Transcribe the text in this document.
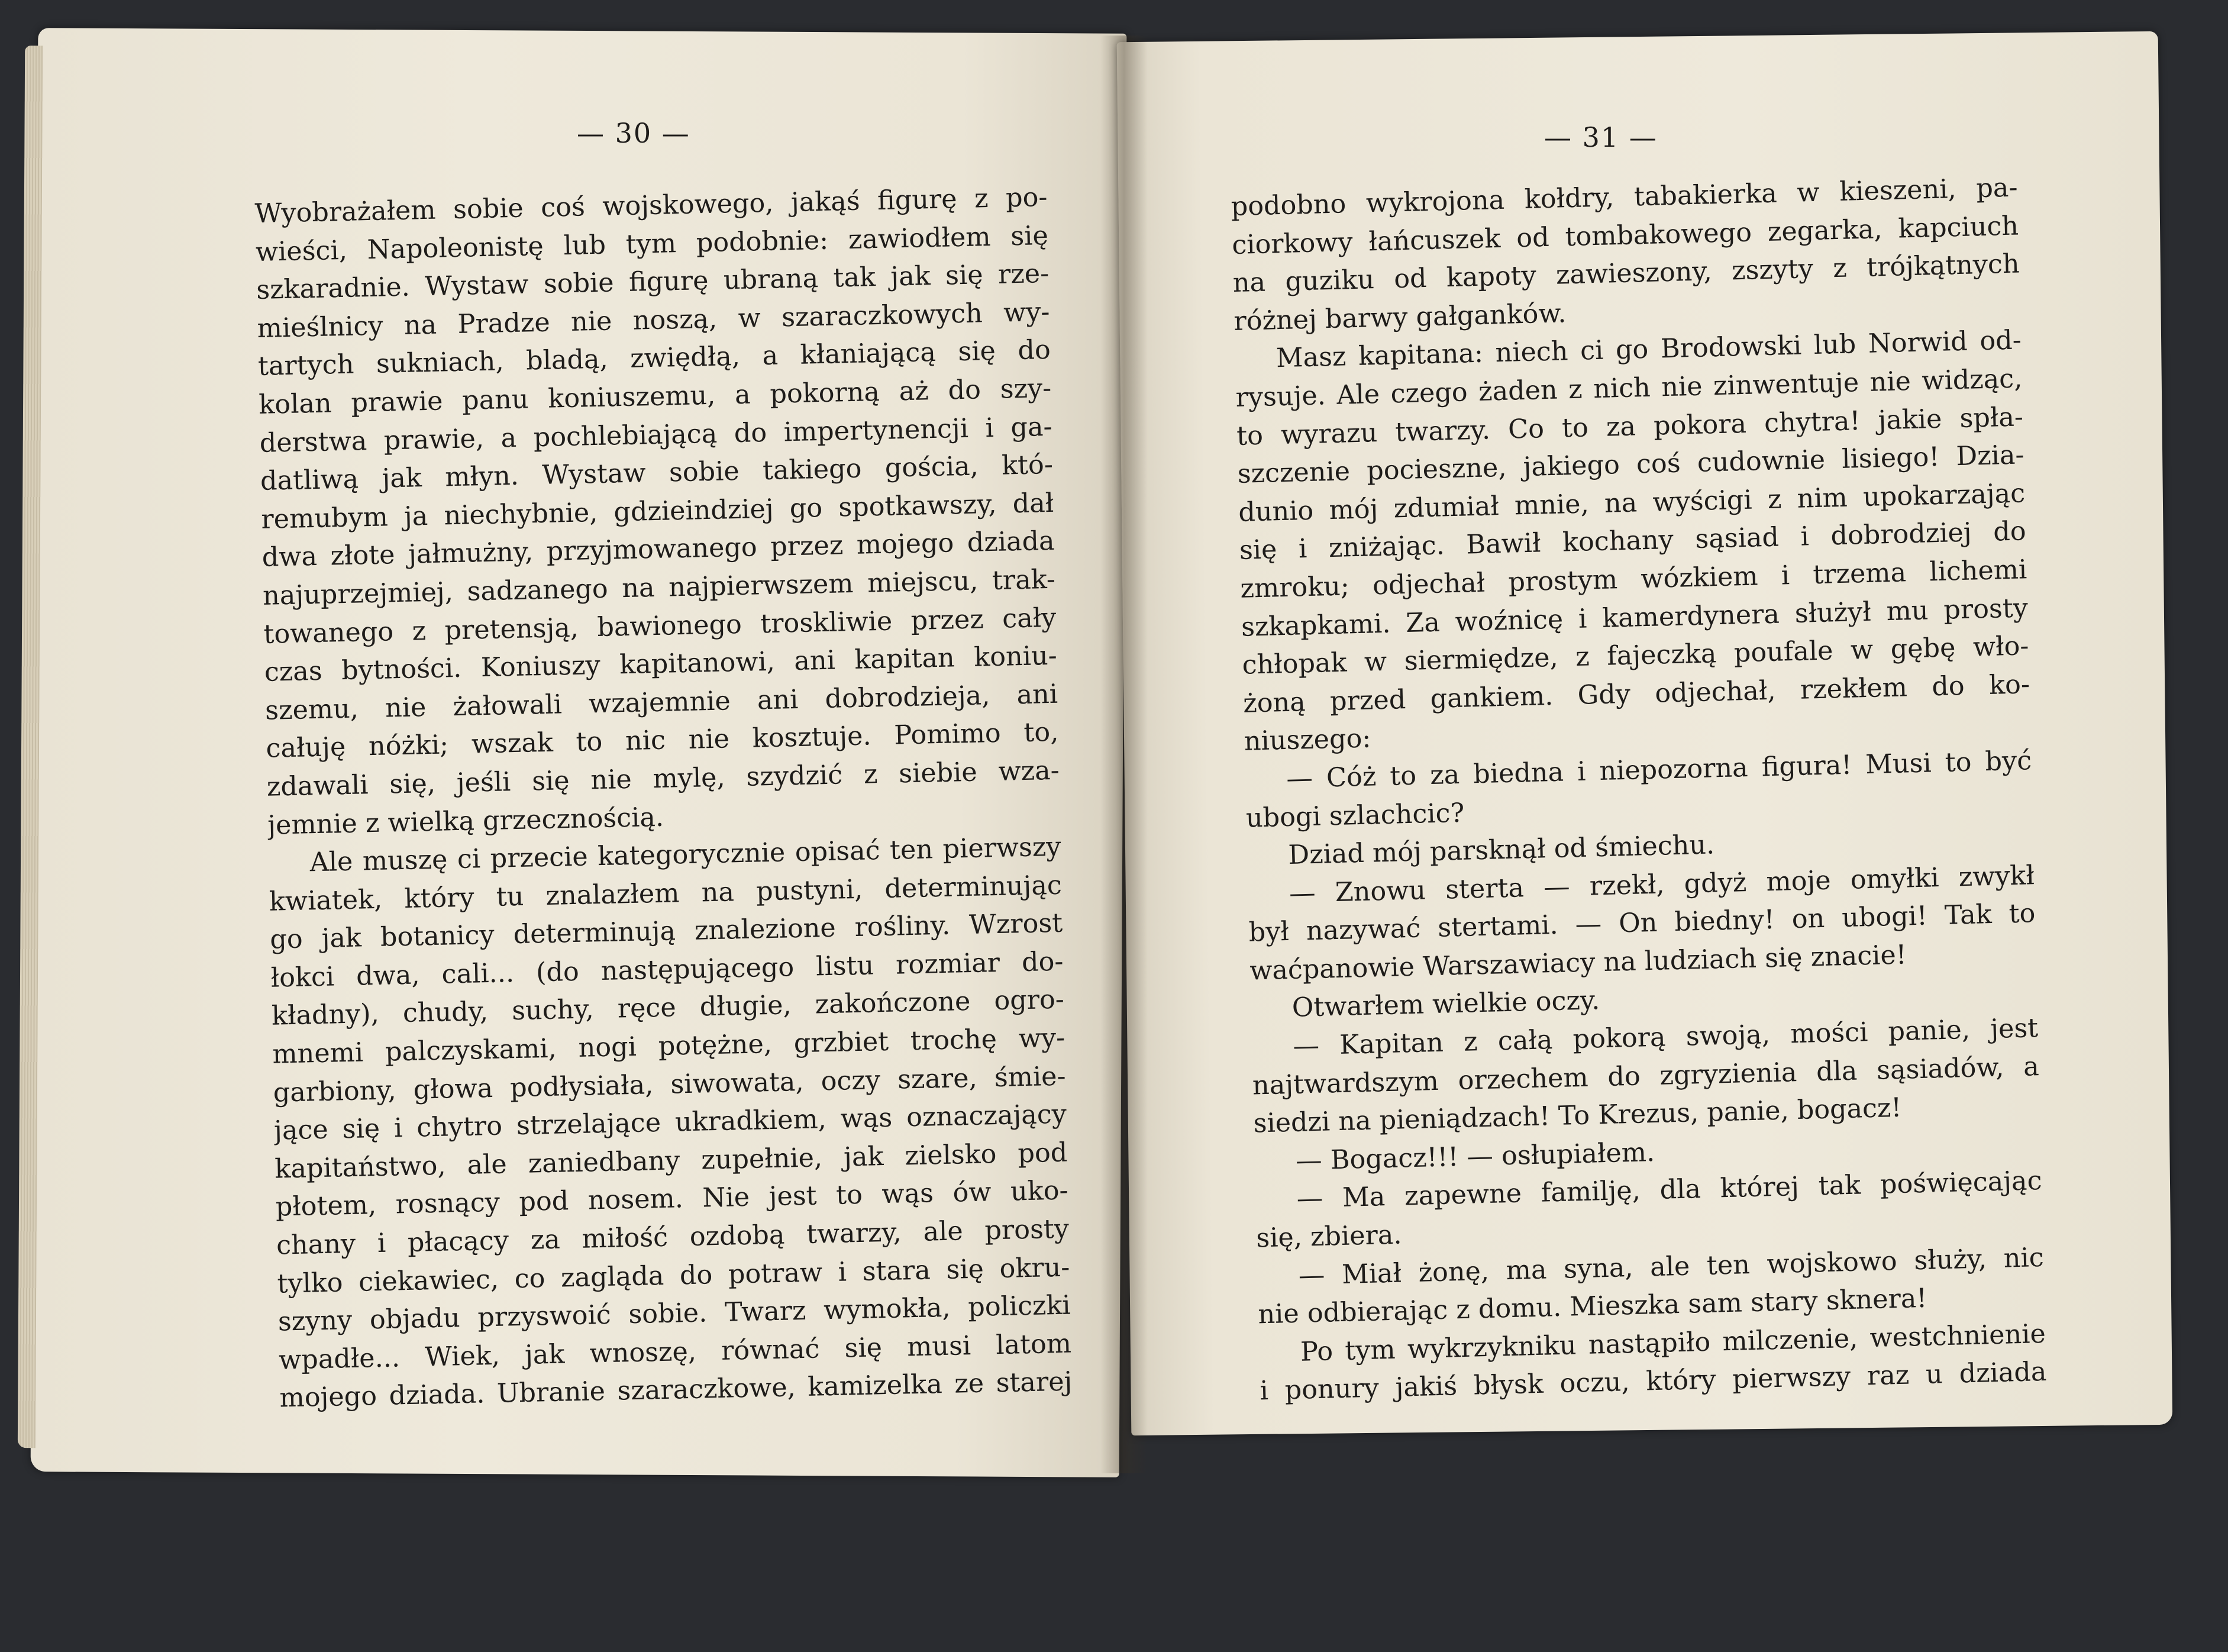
— 30 —	— 31 —
Wyobrażałem sobie coś wojskowego, jakąś figurę z po-
wieści, Napoleonistę lub tym podobnie: zawiodłem się
szkaradnie. Wystaw sobie figurę ubraną tak jak się rze-
mieślnicy na Pradze nie noszą, w szaraczkowych wy-
tartych sukniach, bladą, zwiędłą, a kłaniającą się do
kolan prawie panu koniuszemu, a pokorną aż do szy-
derstwa prawie, a pochlebiającą do impertynencji i ga-
datliwą jak młyn. Wystaw sobie takiego gościa, któ-
remubym ja niechybnie, gdzieindziej go spotkawszy, dał
dwa złote jałmużny, przyjmowanego przez mojego dziada
najuprzejmiej, sadzanego na najpierwszem miejscu, trak-
towanego z pretensją, bawionego troskliwie przez cały
czas bytności. Koniuszy kapitanowi, ani kapitan koniu-
szemu, nie żałowali wzajemnie ani dobrodzieja, ani
całuję nóżki; wszak to nic nie kosztuje. Pomimo to,
zdawali się, jeśli się nie mylę, szydzić z siebie wza-
jemnie z wielką grzecznością.
Ale muszę ci przecie kategorycznie opisać ten pierwszy
kwiatek, który tu znalazłem na pustyni, determinując
go jak botanicy determinują znalezione rośliny. Wzrost
łokci dwa, cali... (do następującego listu rozmiar do-
kładny), chudy, suchy, ręce długie, zakończone ogro-
mnemi palczyskami, nogi potężne, grzbiet trochę wy-
garbiony, głowa podłysiała, siwowata, oczy szare, śmie-
jące się i chytro strzelające ukradkiem, wąs oznaczający
kapitaństwo, ale zaniedbany zupełnie, jak zielsko pod
płotem, rosnący pod nosem. Nie jest to wąs ów uko-
chany i płacący za miłość ozdobą twarzy, ale prosty
tylko ciekawiec, co zagląda do potraw i stara się okru-
szyny objadu przyswoić sobie. Twarz wymokła, policzki
wpadłe... Wiek, jak wnoszę, równać się musi latom
mojego dziada. Ubranie szaraczkowe, kamizelka ze starej
podobno wykrojona kołdry, tabakierka w kieszeni, pa-
ciorkowy łańcuszek od tombakowego zegarka, kapciuch
na guziku od kapoty zawieszony, zszyty z trójkątnych
różnej barwy gałganków.
Masz kapitana: niech ci go Brodowski lub Norwid od-
rysuje. Ale czego żaden z nich nie zinwentuje nie widząc,
to wyrazu twarzy. Co to za pokora chytra! jakie spła-
szczenie pocieszne, jakiego coś cudownie lisiego! Dzia-
dunio mój zdumiał mnie, na wyścigi z nim upokarzając
się i zniżając. Bawił kochany sąsiad i dobrodziej do
zmroku; odjechał prostym wózkiem i trzema lichemi
szkapkami. Za woźnicę i kamerdynera służył mu prosty
chłopak w siermiędze, z fajeczką poufale w gębę wło-
żoną przed gankiem. Gdy odjechał, rzekłem do ko-
niuszego:
— Cóż to za biedna i niepozorna figura! Musi to być
ubogi szlachcic?
Dziad mój parsknął od śmiechu.
— Znowu sterta — rzekł, gdyż moje omyłki zwykł
był nazywać stertami. — On biedny! on ubogi! Tak to
waćpanowie Warszawiacy na ludziach się znacie!
Otwarłem wielkie oczy.
— Kapitan z całą pokorą swoją, mości panie, jest
najtwardszym orzechem do zgryzienia dla sąsiadów, a
siedzi na pieniądzach! To Krezus, panie, bogacz!
— Bogacz!!! — osłupiałem.
— Ma zapewne familję, dla której tak poświęcając
się, zbiera.
— Miał żonę, ma syna, ale ten wojskowo służy, nic
nie odbierając z domu. Mieszka sam stary sknera!
Po tym wykrzykniku nastąpiło milczenie, westchnienie
i ponury jakiś błysk oczu, który pierwszy raz u dziada
